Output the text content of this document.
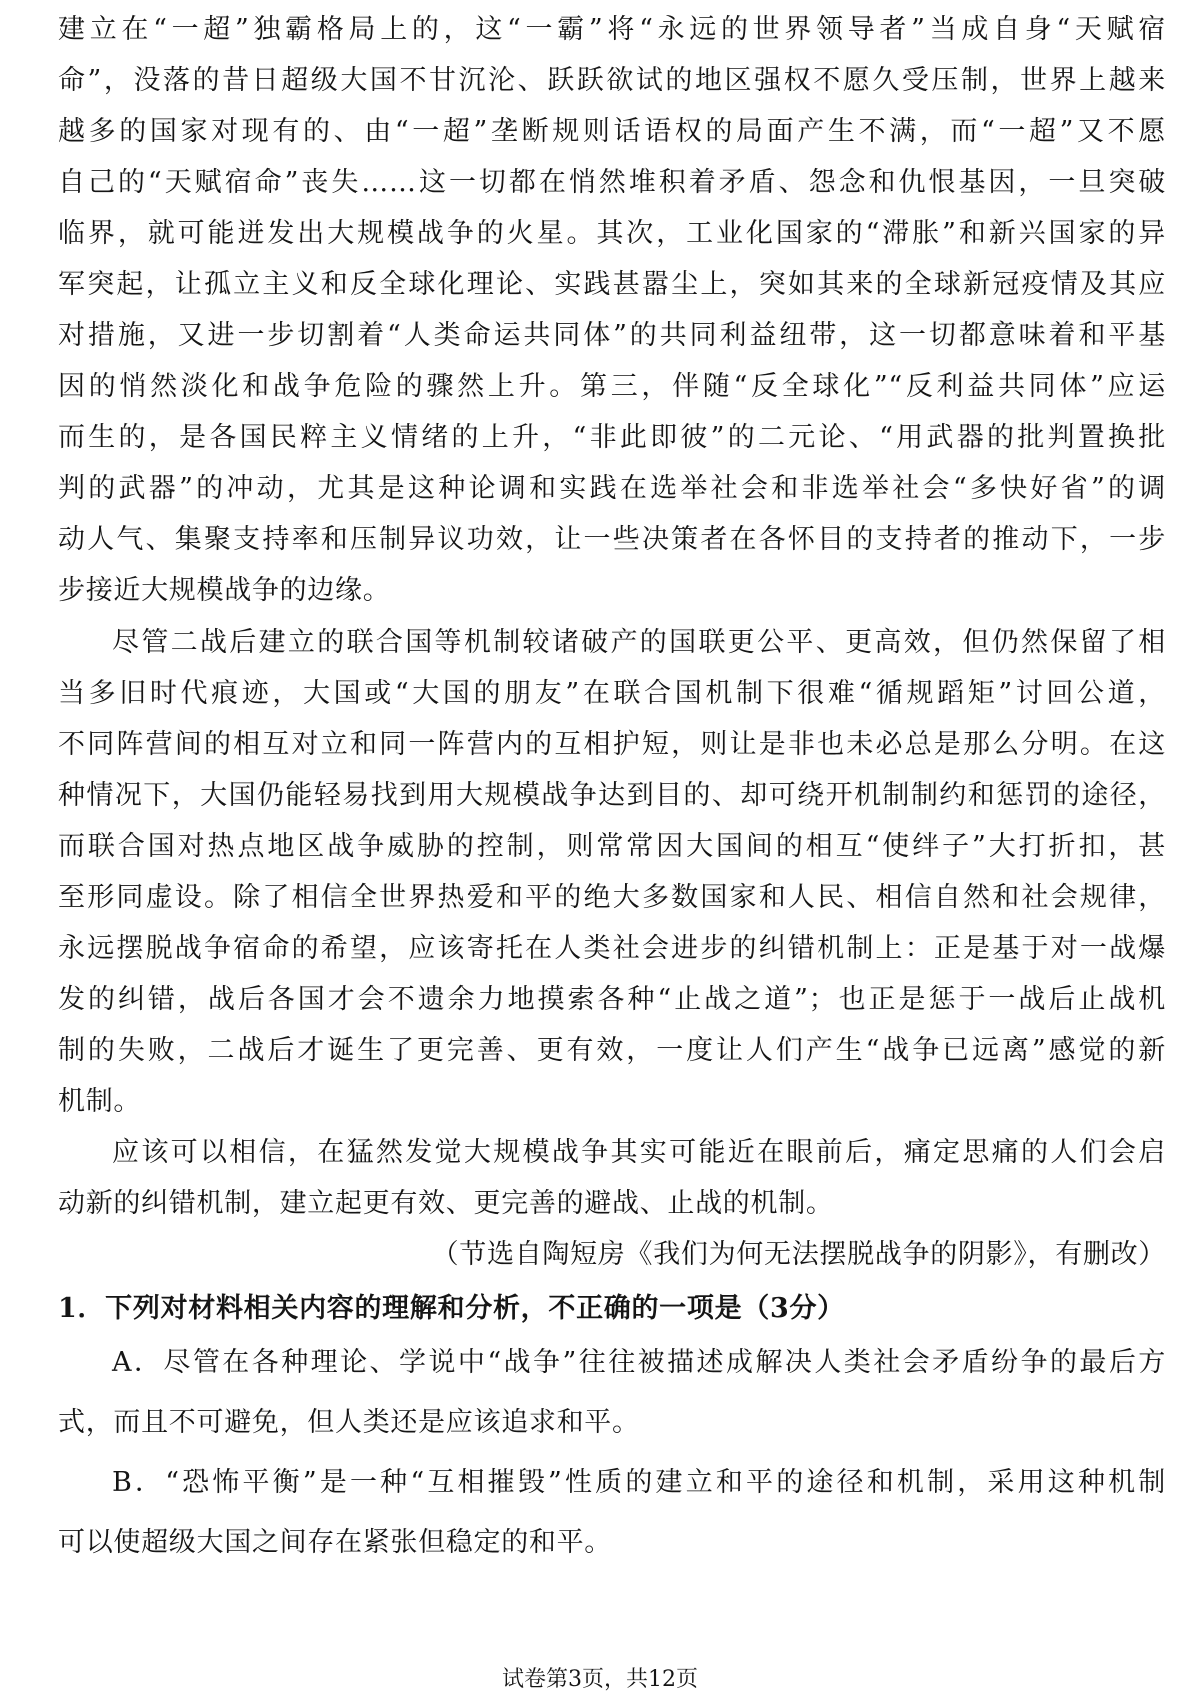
建立在“一超”独霸格局上的，这“一霸”将“永远的世界领导者”当成自身“天赋宿
命”，没落的昔日超级大国不甘沉沦、跃跃欲试的地区强权不愿久受压制，世界上越来
越多的国家对现有的、由“一超”垄断规则话语权的局面产生不满，而“一超”又不愿
自己的“天赋宿命”丧失……这一切都在悄然堆积着矛盾、怨念和仇恨基因，一旦突破
临界，就可能迸发出大规模战争的火星。其次，工业化国家的“滞胀”和新兴国家的异
军突起，让孤立主义和反全球化理论、实践甚嚣尘上，突如其来的全球新冠疫情及其应
对措施，又进一步切割着“人类命运共同体”的共同利益纽带，这一切都意味着和平基
因的悄然淡化和战争危险的骤然上升。第三，伴随“反全球化”“反利益共同体”应运
而生的，是各国民粹主义情绪的上升，“非此即彼”的二元论、“用武器的批判置换批
判的武器”的冲动，尤其是这种论调和实践在选举社会和非选举社会“多快好省”的调
动人气、集聚支持率和压制异议功效，让一些决策者在各怀目的支持者的推动下，一步
步接近大规模战争的边缘。
尽管二战后建立的联合国等机制较诸破产的国联更公平、更高效，但仍然保留了相
当多旧时代痕迹，大国或“大国的朋友”在联合国机制下很难“循规蹈矩”讨回公道，
不同阵营间的相互对立和同一阵营内的互相护短，则让是非也未必总是那么分明。在这
种情况下，大国仍能轻易找到用大规模战争达到目的、却可绕开机制制约和惩罚的途径，
而联合国对热点地区战争威胁的控制，则常常因大国间的相互“使绊子”大打折扣，甚
至形同虚设。除了相信全世界热爱和平的绝大多数国家和人民、相信自然和社会规律，
永远摆脱战争宿命的希望，应该寄托在人类社会进步的纠错机制上：正是基于对一战爆
发的纠错，战后各国才会不遗余力地摸索各种“止战之道”；也正是惩于一战后止战机
制的失败，二战后才诞生了更完善、更有效，一度让人们产生“战争已远离”感觉的新
机制。
应该可以相信，在猛然发觉大规模战争其实可能近在眼前后，痛定思痛的人们会启
动新的纠错机制，建立起更有效、更完善的避战、止战的机制。
（节选自陶短房《我们为何无法摆脱战争的阴影》，有删改）
1．下列对材料相关内容的理解和分析，不正确的一项是（3分）
A．尽管在各种理论、学说中“战争”往往被描述成解决人类社会矛盾纷争的最后方
式，而且不可避免，但人类还是应该追求和平。
B．“恐怖平衡”是一种“互相摧毁”性质的建立和平的途径和机制，采用这种机制
可以使超级大国之间存在紧张但稳定的和平。
试卷第3页，共12页
